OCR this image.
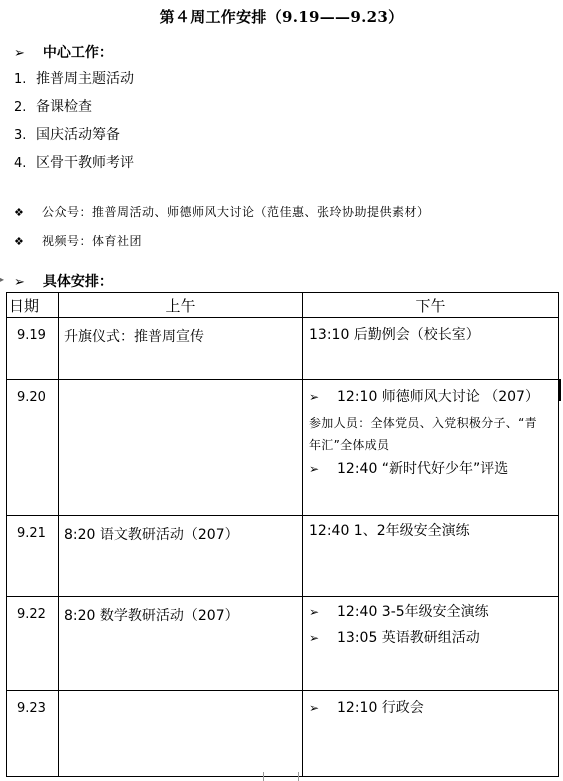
第４周工作安排（9.19——9.23）
➢ 中心工作：
1. 推普周主题活动
2. 备课检查
3. 国庆活动筹备
4. 区骨干教师考评
❖ 公众号：推普周活动、师德师风大讨论（范佳惠、张玲协助提供素材）
❖ 视频号：体育社团
▸ ➢ 具体安排：
日期	上午	下午
9.19	升旗仪式：推普周宣传	13:10 后勤例会（校长室）

9.20		➢ 12:10 师德师风大讨论 （207）
参加人员：全体党员、入党积极分子、“青
年汇”全体成员
➢ 12:40 “新时代好少年”评选

9.21	8:20 语文教研活动（207）	12:40 1、2年级安全演练

9.22	8:20 数学教研活动（207）	➢ 12:40 3-5年级安全演练
➢ 13:05 英语教研组活动

9.23		➢ 12:10 行政会
